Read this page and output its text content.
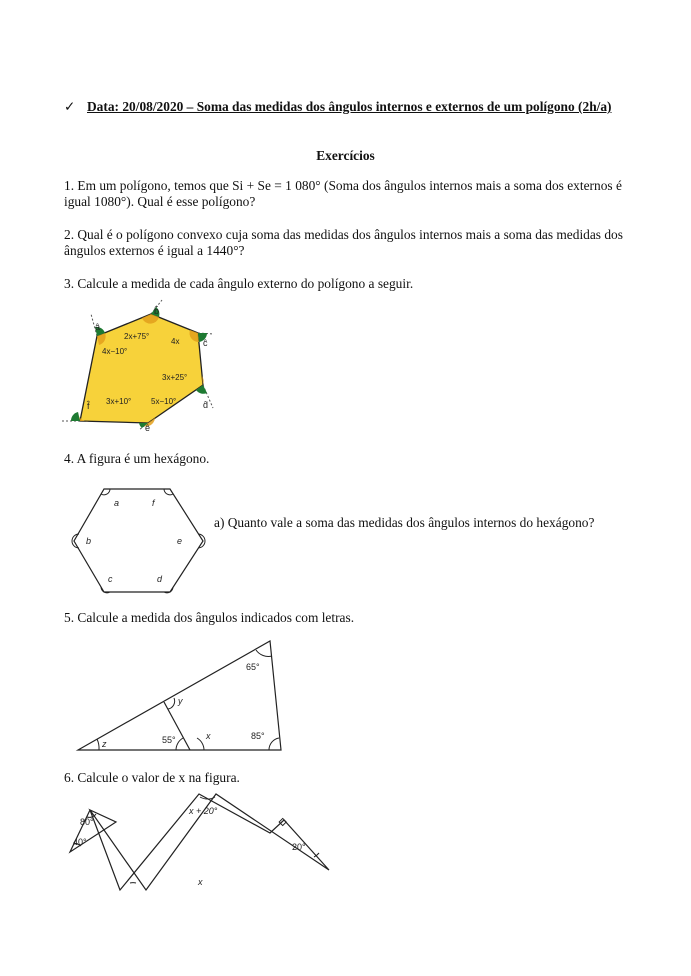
✓ Data: 20/08/2020 – Soma das medidas dos ângulos internos e externos de um polígono (2h/a)
Exercícios
1. Em um polígono, temos que Si + Se = 1 080° (Soma dos ângulos internos mais a soma dos externos é igual 1080°). Qual é esse polígono?
2. Qual é o polígono convexo cuja soma das medidas dos ângulos internos mais a soma das medidas dos ângulos externos é igual a 1440°?
3. Calcule a medida de cada ângulo externo do polígono a seguir.
â
b̂
ĉ
d̂
ê
f̂
2x+75°
4x
4x−10°
3x+25°
3x+10° 5x−10°
4. A figura é um hexágono.
a	f
b	e
c	d
a) Quanto vale a soma das medidas dos ângulos internos do hexágono?
5. Calcule a medida dos ângulos indicados com letras.
65°
y
z	55°	x	85°
6. Calcule o valor de x na figura.
80°
40°
x + 20°
20°
x
